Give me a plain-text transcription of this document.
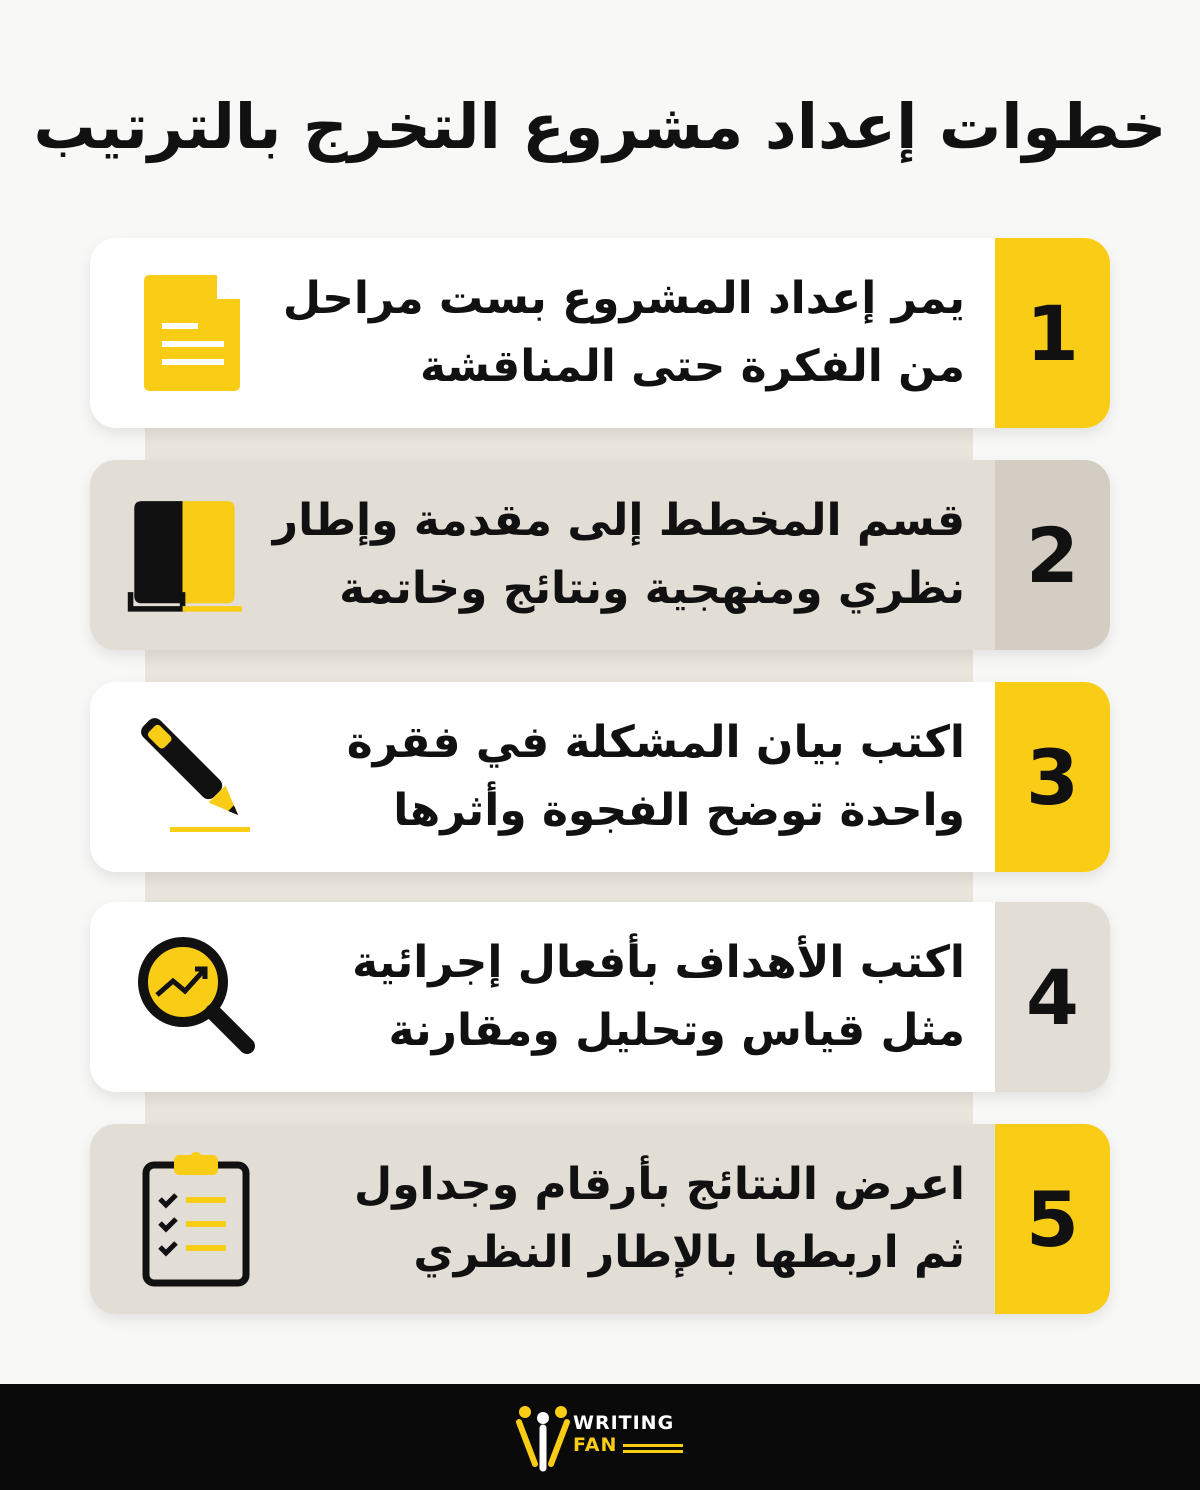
خطوات إعداد مشروع التخرج بالترتيب
1
يمر إعداد المشروع بست مراحل
من الفكرة حتى المناقشة
2
قسم المخطط إلى مقدمة وإطار
نظري ومنهجية ونتائج وخاتمة
3
اكتب بيان المشكلة في فقرة
واحدة توضح الفجوة وأثرها
4
اكتب الأهداف بأفعال إجرائية
مثل قياس وتحليل ومقارنة
5
اعرض النتائج بأرقام وجداول
ثم اربطها بالإطار النظري
WRITING
FAN
